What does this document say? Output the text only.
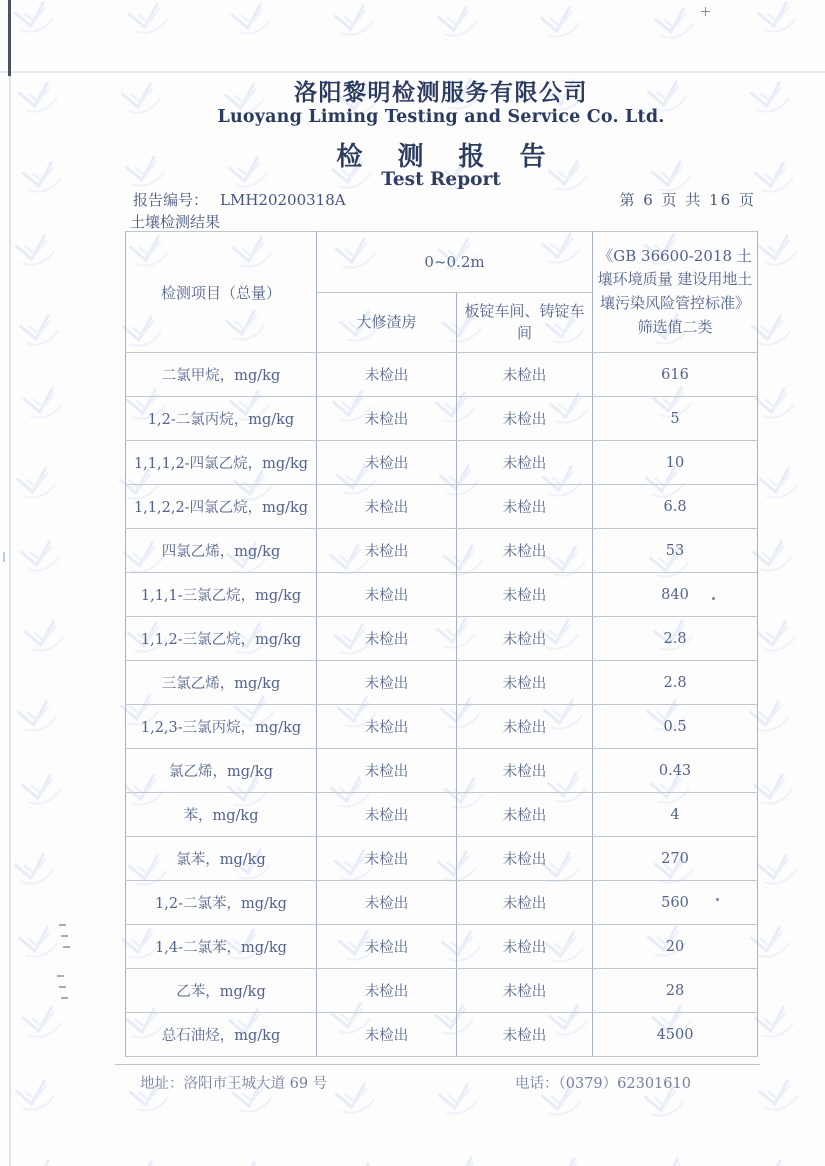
洛阳黎明检测服务有限公司
Luoyang Liming Testing and Service Co. Ltd.
检 测 报 告
Test Report
报告编号： LMH20200318A	第 6 页 共 16 页
土壤检测结果
检测项目（总量）	0~0.2m		《GB 36600-2018 土壤环境质量 建设用地土壤污染风险管控标准》筛选值二类
	大修渣房	板锭车间、铸锭车间	
二氯甲烷，mg/kg	未检出	未检出	616
1,2-二氯丙烷，mg/kg	未检出	未检出	5
1,1,1,2-四氯乙烷，mg/kg	未检出	未检出	10
1,1,2,2-四氯乙烷，mg/kg	未检出	未检出	6.8
四氯乙烯，mg/kg	未检出	未检出	53
1,1,1-三氯乙烷，mg/kg	未检出	未检出	840
1,1,2-三氯乙烷，mg/kg	未检出	未检出	2.8
三氯乙烯，mg/kg	未检出	未检出	2.8
1,2,3-三氯丙烷，mg/kg	未检出	未检出	0.5
氯乙烯，mg/kg	未检出	未检出	0.43
苯，mg/kg	未检出	未检出	4
氯苯，mg/kg	未检出	未检出	270
1,2-二氯苯，mg/kg	未检出	未检出	560
1,4-二氯苯，mg/kg	未检出	未检出	20
乙苯，mg/kg	未检出	未检出	28
总石油烃，mg/kg	未检出	未检出	4500
地址：洛阳市王城大道 69 号	电话：（0379）62301610
